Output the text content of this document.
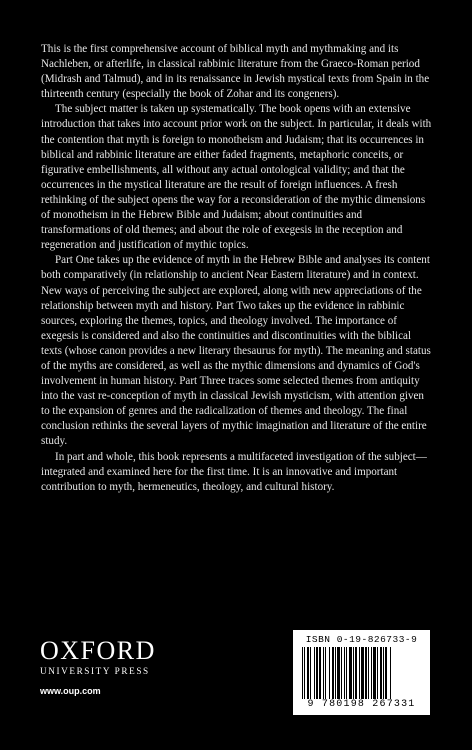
This is the first comprehensive account of biblical myth and mythmaking and its Nachleben, or afterlife, in classical rabbinic literature from the Graeco-Roman period (Midrash and Talmud), and in its renaissance in Jewish mystical texts from Spain in the thirteenth century (especially the book of Zohar and its congeners).

The subject matter is taken up systematically. The book opens with an extensive introduction that takes into account prior work on the subject. In particular, it deals with the contention that myth is foreign to monotheism and Judaism; that its occurrences in biblical and rabbinic literature are either faded fragments, metaphoric conceits, or figurative embellishments, all without any actual ontological validity; and that the occurrences in the mystical literature are the result of foreign influences. A fresh rethinking of the subject opens the way for a reconsideration of the mythic dimensions of monotheism in the Hebrew Bible and Judaism; about continuities and transformations of old themes; and about the role of exegesis in the reception and regeneration and justification of mythic topics.

Part One takes up the evidence of myth in the Hebrew Bible and analyses its content both comparatively (in relationship to ancient Near Eastern literature) and in context. New ways of perceiving the subject are explored, along with new appreciations of the relationship between myth and history. Part Two takes up the evidence in rabbinic sources, exploring the themes, topics, and theology involved. The importance of exegesis is considered and also the continuities and discontinuities with the biblical texts (whose canon provides a new literary thesaurus for myth). The meaning and status of the myths are considered, as well as the mythic dimensions and dynamics of God's involvement in human history. Part Three traces some selected themes from antiquity into the vast re-conception of myth in classical Jewish mysticism, with attention given to the expansion of genres and the radicalization of themes and theology. The final conclusion rethinks the several layers of mythic imagination and literature of the entire study.

In part and whole, this book represents a multifaceted investigation of the subject—integrated and examined here for the first time. It is an innovative and important contribution to myth, hermeneutics, theology, and cultural history.

OXFORD
UNIVERSITY PRESS
www.oup.com
ISBN 0-19-826733-9
9 780198 267331
